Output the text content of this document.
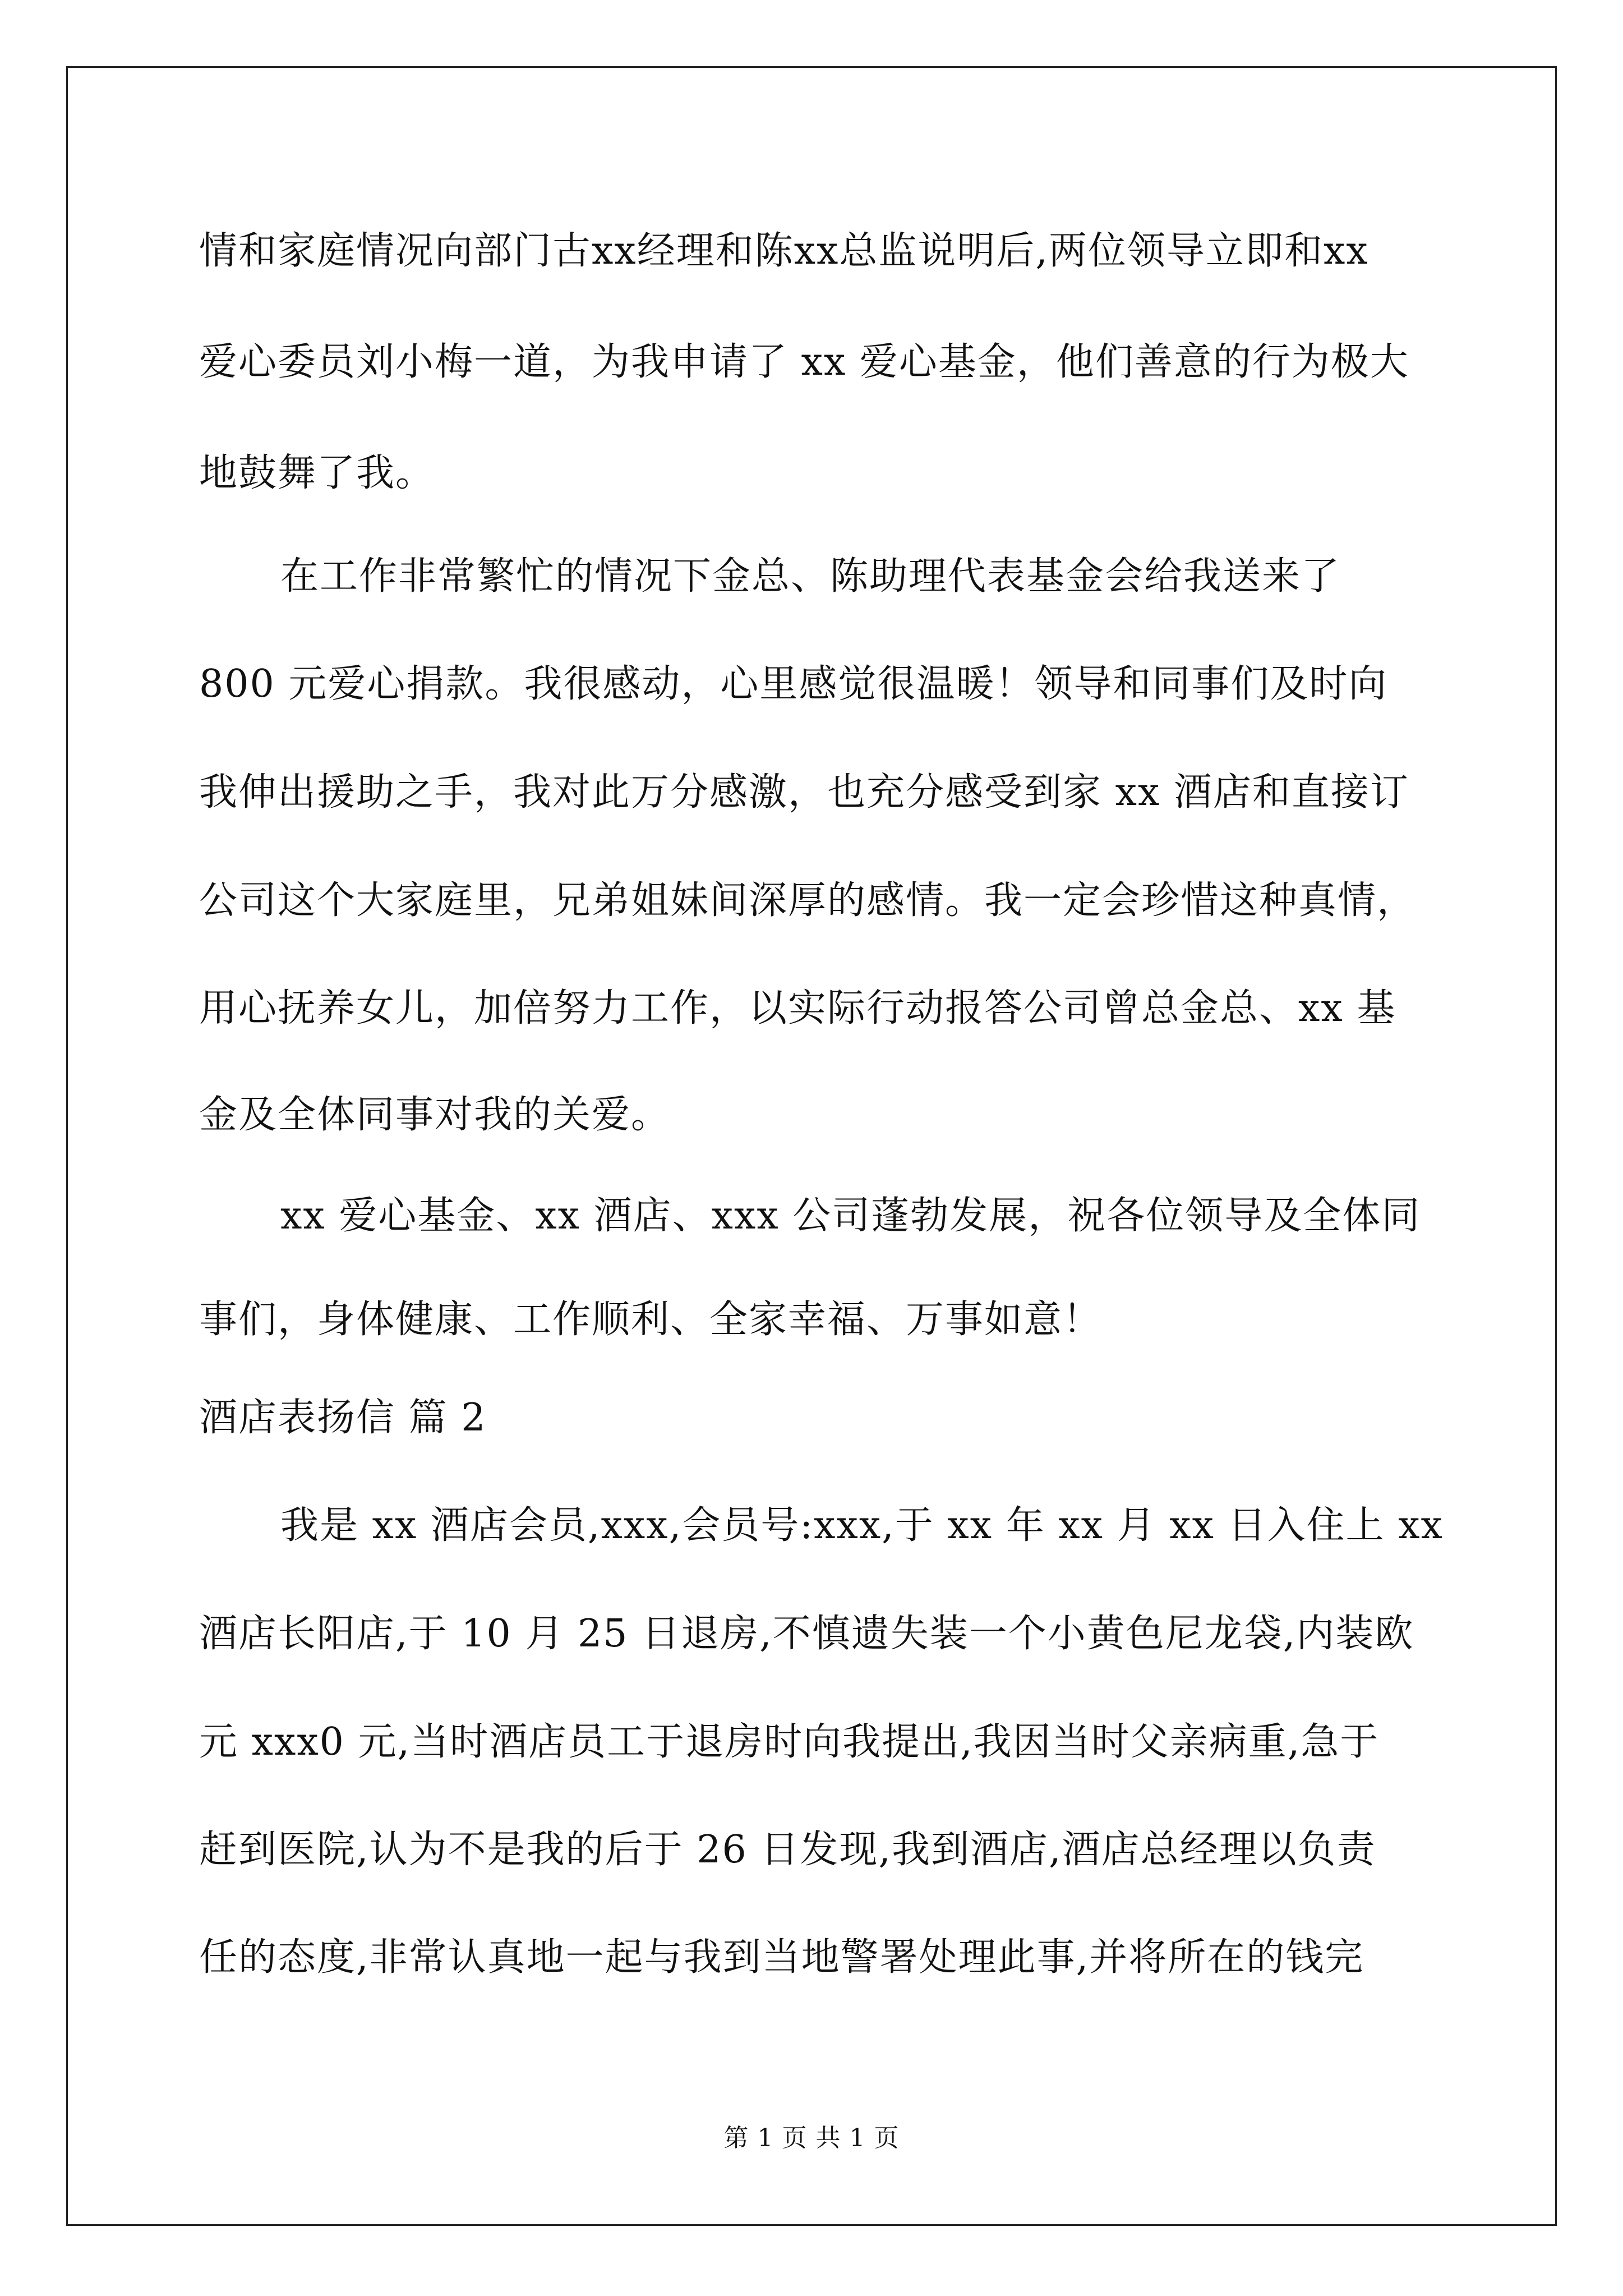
情和家庭情况向部门古xx经理和陈xx总监说明后,两位领导立即和xx
爱心委员刘小梅一道，为我申请了 xx 爱心基金，他们善意的行为极大
地鼓舞了我。
在工作非常繁忙的情况下金总、陈助理代表基金会给我送来了
800 元爱心捐款。我很感动，心里感觉很温暖！领导和同事们及时向
我伸出援助之手，我对此万分感激，也充分感受到家 xx 酒店和直接订
公司这个大家庭里，兄弟姐妹间深厚的感情。我一定会珍惜这种真情，
用心抚养女儿，加倍努力工作，以实际行动报答公司曾总金总、xx 基
金及全体同事对我的关爱。
xx 爱心基金、xx 酒店、xxx 公司蓬勃发展，祝各位领导及全体同
事们，身体健康、工作顺利、全家幸福、万事如意！
酒店表扬信 篇 2
我是 xx 酒店会员,xxx,会员号:xxx,于 xx 年 xx 月 xx 日入住上 xx
酒店长阳店,于 10 月 25 日退房,不慎遗失装一个小黄色尼龙袋,内装欧
元 xxx0 元,当时酒店员工于退房时向我提出,我因当时父亲病重,急于
赶到医院,认为不是我的后于 26 日发现,我到酒店,酒店总经理以负责
任的态度,非常认真地一起与我到当地警署处理此事,并将所在的钱完
第 1 页 共 1 页
